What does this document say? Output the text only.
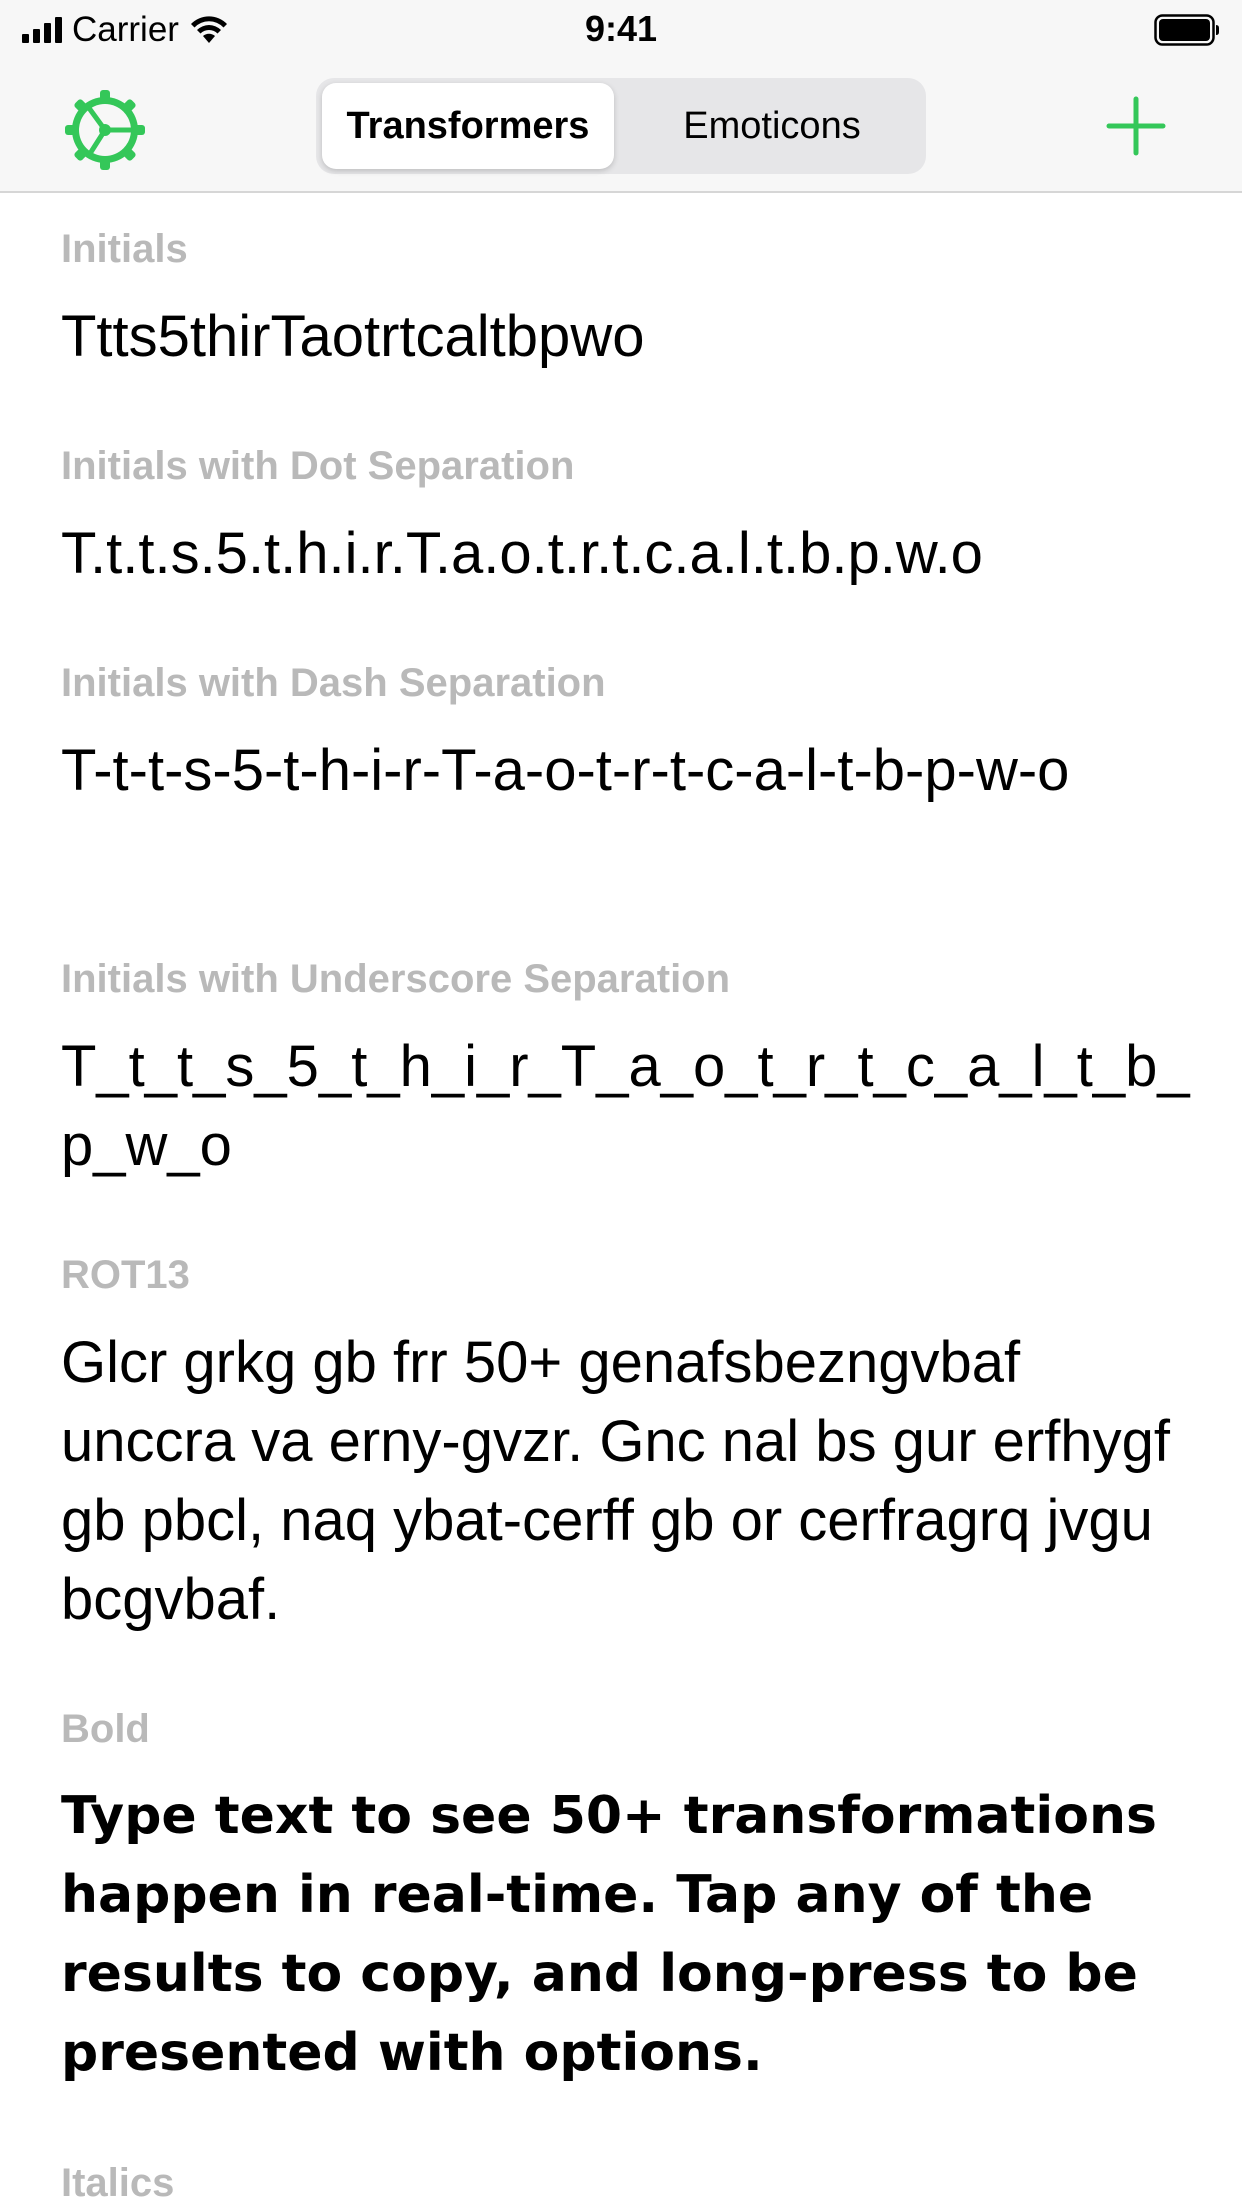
Carrier	9:41
Transformers	Emoticons

Initials

Ttts5thirTaotrtcaltbpwo

Initials with Dot Separation

T.t.t.s.5.t.h.i.r.T.a.o.t.r.t.c.a.l.t.b.p.w.o

Initials with Dash Separation

T-t-t-s-5-t-h-i-r-T-a-o-t-r-t-c-a-l-t-b-p-w-o

Initials with Underscore Separation

T_t_t_s_5_t_h_i_r_T_a_o_t_r_t_c_a_l_t_b_p_w_o

ROT13

Glcr grkg gb frr 50+ genafsbezngvbaf unccra va erny-gvzr. Gnc nal bs gur erfhygf gb pbcl, naq ybat-cerff gb or cerfragrq jvgu bcgvbaf.

Bold

Type text to see 50+ transformations happen in real-time. Tap any of the results to copy, and long-press to be presented with options.

Italics
